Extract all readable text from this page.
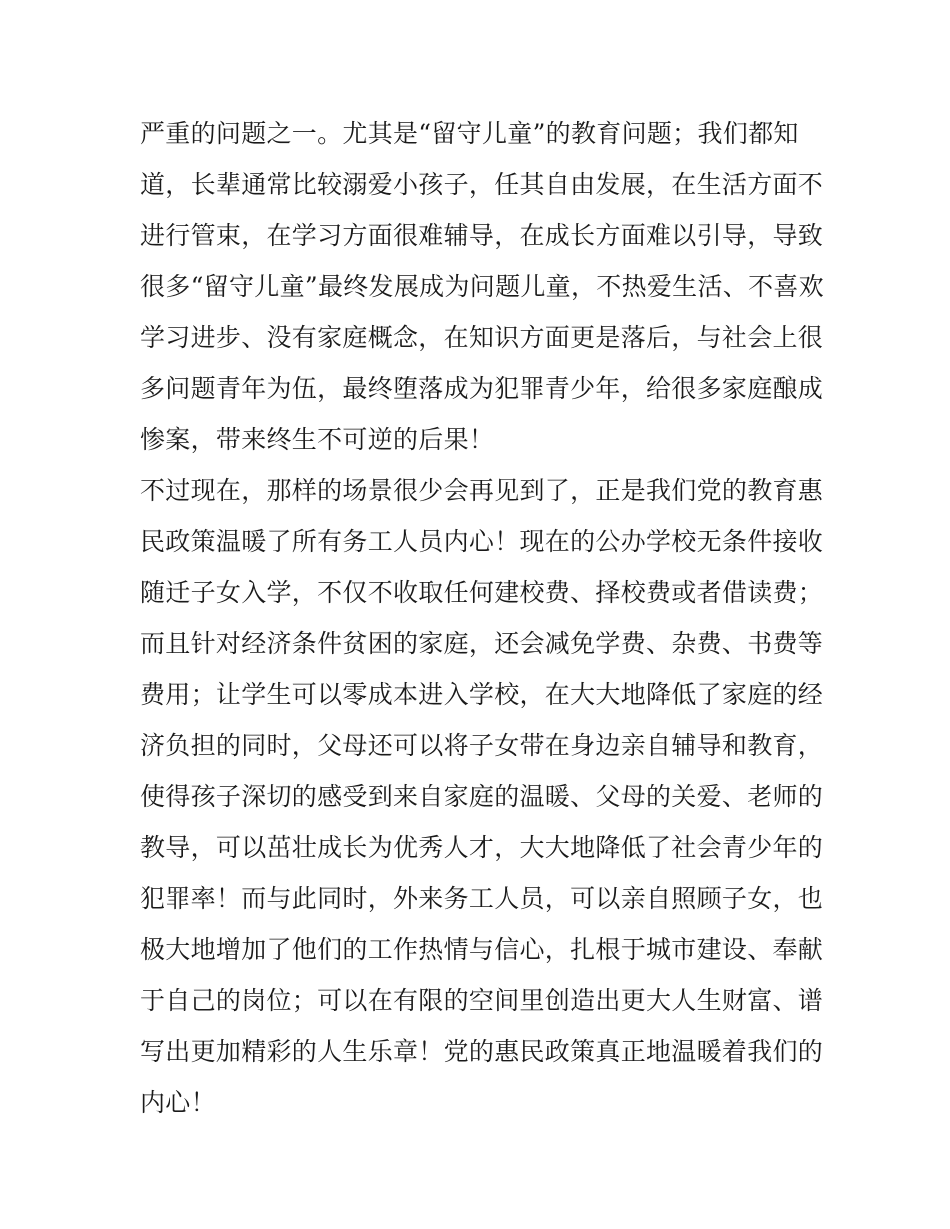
严重的问题之一。尤其是“留守儿童”的教育问题；我们都知
道，长辈通常比较溺爱小孩子，任其自由发展，在生活方面不
进行管束，在学习方面很难辅导，在成长方面难以引导，导致
很多“留守儿童”最终发展成为问题儿童，不热爱生活、不喜欢
学习进步、没有家庭概念，在知识方面更是落后，与社会上很
多问题青年为伍，最终堕落成为犯罪青少年，给很多家庭酿成
惨案，带来终生不可逆的后果！
不过现在，那样的场景很少会再见到了，正是我们党的教育惠
民政策温暖了所有务工人员内心！现在的公办学校无条件接收
随迁子女入学，不仅不收取任何建校费、择校费或者借读费；
而且针对经济条件贫困的家庭，还会减免学费、杂费、书费等
费用；让学生可以零成本进入学校，在大大地降低了家庭的经
济负担的同时，父母还可以将子女带在身边亲自辅导和教育，
使得孩子深切的感受到来自家庭的温暖、父母的关爱、老师的
教导，可以茁壮成长为优秀人才，大大地降低了社会青少年的
犯罪率！而与此同时，外来务工人员，可以亲自照顾子女，也
极大地增加了他们的工作热情与信心，扎根于城市建设、奉献
于自己的岗位；可以在有限的空间里创造出更大人生财富、谱
写出更加精彩的人生乐章！党的惠民政策真正地温暖着我们的
内心！
